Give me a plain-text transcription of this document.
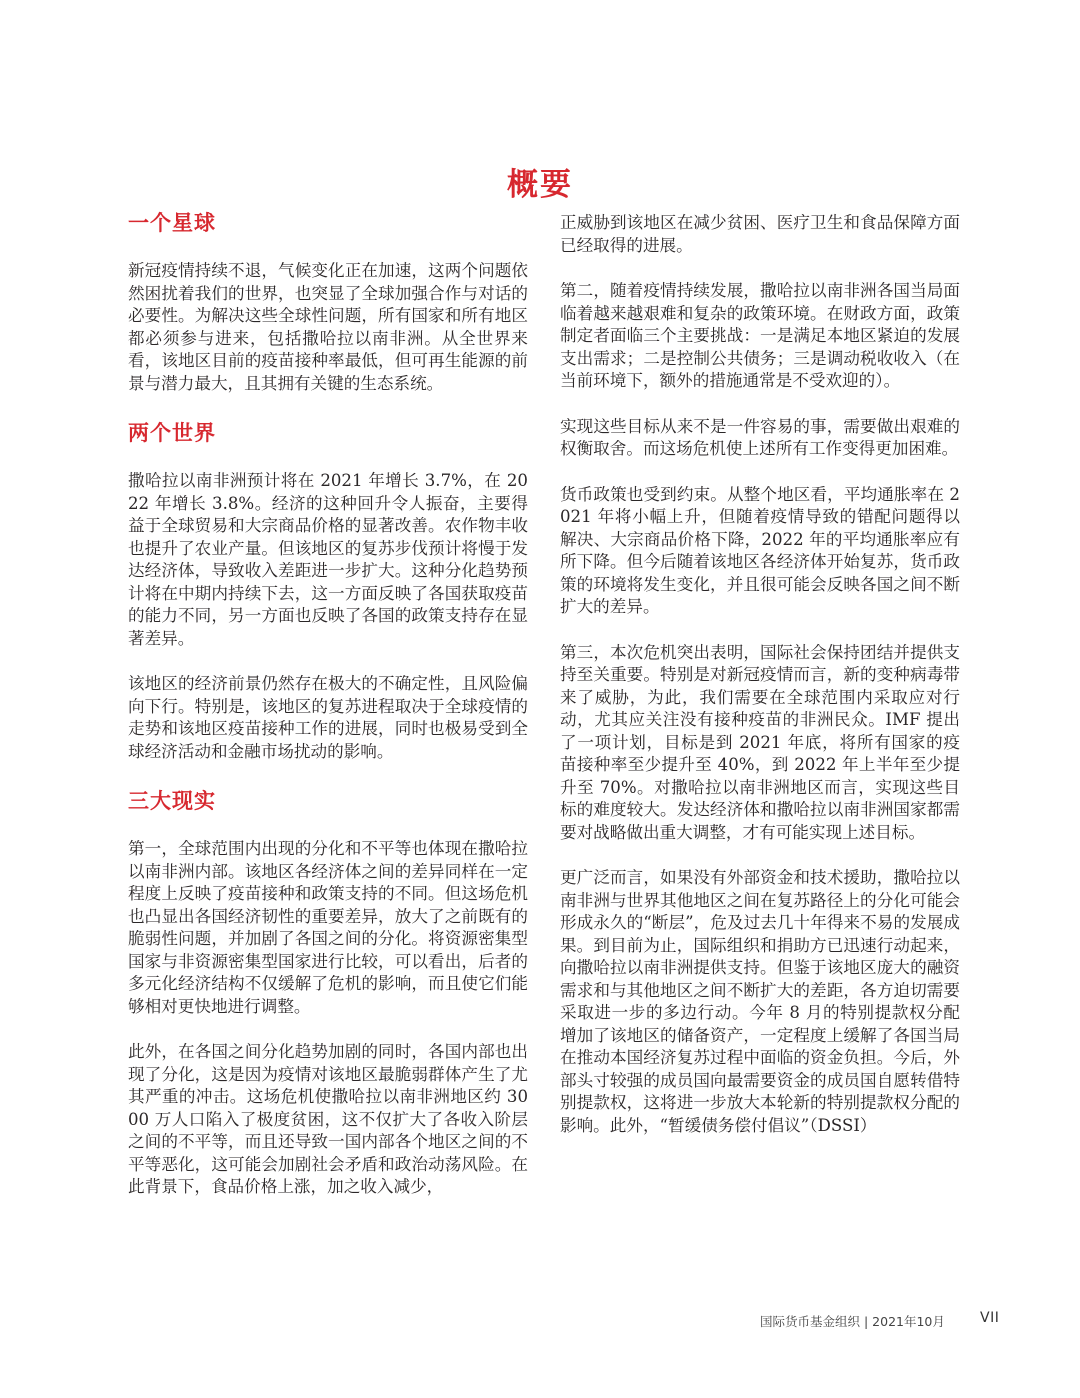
概要
一个星球

新冠疫情持续不退，气候变化正在加速，这两个问题依然困扰着我们的世界，也突显了全球加强合作与对话的必要性。为解决这些全球性问题，所有国家和所有地区都必须参与进来，包括撒哈拉以南非洲。从全世界来看，该地区目前的疫苗接种率最低，但可再生能源的前景与潜力最大，且其拥有关键的生态系统。

两个世界

撒哈拉以南非洲预计将在 2021 年增长 3.7%，在 2022 年增长 3.8%。经济的这种回升令人振奋，主要得益于全球贸易和大宗商品价格的显著改善。农作物丰收也提升了农业产量。但该地区的复苏步伐预计将慢于发达经济体，导致收入差距进一步扩大。这种分化趋势预计将在中期内持续下去，这一方面反映了各国获取疫苗的能力不同，另一方面也反映了各国的政策支持存在显著差异。

该地区的经济前景仍然存在极大的不确定性，且风险偏向下行。特别是，该地区的复苏进程取决于全球疫情的走势和该地区疫苗接种工作的进展，同时也极易受到全球经济活动和金融市场扰动的影响。

三大现实

第一，全球范围内出现的分化和不平等也体现在撒哈拉以南非洲内部。该地区各经济体之间的差异同样在一定程度上反映了疫苗接种和政策支持的不同。但这场危机也凸显出各国经济韧性的重要差异，放大了之前既有的脆弱性问题，并加剧了各国之间的分化。将资源密集型国家与非资源密集型国家进行比较，可以看出，后者的多元化经济结构不仅缓解了危机的影响，而且使它们能够相对更快地进行调整。

此外，在各国之间分化趋势加剧的同时，各国内部也出现了分化，这是因为疫情对该地区最脆弱群体产生了尤其严重的冲击。这场危机使撒哈拉以南非洲地区约 3000 万人口陷入了极度贫困，这不仅扩大了各收入阶层之间的不平等，而且还导致一国内部各个地区之间的不平等恶化，这可能会加剧社会矛盾和政治动荡风险。在此背景下，食品价格上涨，加之收入减少，

正威胁到该地区在减少贫困、医疗卫生和食品保障方面已经取得的进展。

第二，随着疫情持续发展，撒哈拉以南非洲各国当局面临着越来越艰难和复杂的政策环境。在财政方面，政策制定者面临三个主要挑战：一是满足本地区紧迫的发展支出需求；二是控制公共债务；三是调动税收收入（在当前环境下，额外的措施通常是不受欢迎的）。

实现这些目标从来不是一件容易的事，需要做出艰难的权衡取舍。而这场危机使上述所有工作变得更加困难。

货币政策也受到约束。从整个地区看，平均通胀率在 2021 年将小幅上升，但随着疫情导致的错配问题得以解决、大宗商品价格下降，2022 年的平均通胀率应有所下降。但今后随着该地区各经济体开始复苏，货币政策的环境将发生变化，并且很可能会反映各国之间不断扩大的差异。

第三，本次危机突出表明，国际社会保持团结并提供支持至关重要。特别是对新冠疫情而言，新的变种病毒带来了威胁，为此，我们需要在全球范围内采取应对行动，尤其应关注没有接种疫苗的非洲民众。IMF 提出了一项计划，目标是到 2021 年底，将所有国家的疫苗接种率至少提升至 40%，到 2022 年上半年至少提升至 70%。对撒哈拉以南非洲地区而言，实现这些目标的难度较大。发达经济体和撒哈拉以南非洲国家都需要对战略做出重大调整，才有可能实现上述目标。

更广泛而言，如果没有外部资金和技术援助，撒哈拉以南非洲与世界其他地区之间在复苏路径上的分化可能会形成永久的“断层”，危及过去几十年得来不易的发展成果。到目前为止，国际组织和捐助方已迅速行动起来，向撒哈拉以南非洲提供支持。但鉴于该地区庞大的融资需求和与其他地区之间不断扩大的差距，各方迫切需要采取进一步的多边行动。今年 8 月的特别提款权分配增加了该地区的储备资产，一定程度上缓解了各国当局在推动本国经济复苏过程中面临的资金负担。今后，外部头寸较强的成员国向最需要资金的成员国自愿转借特别提款权，这将进一步放大本轮新的特别提款权分配的影响。此外，“暂缓债务偿付倡议”（DSSI）

国际货币基金组织 | 2021年10月	VII
